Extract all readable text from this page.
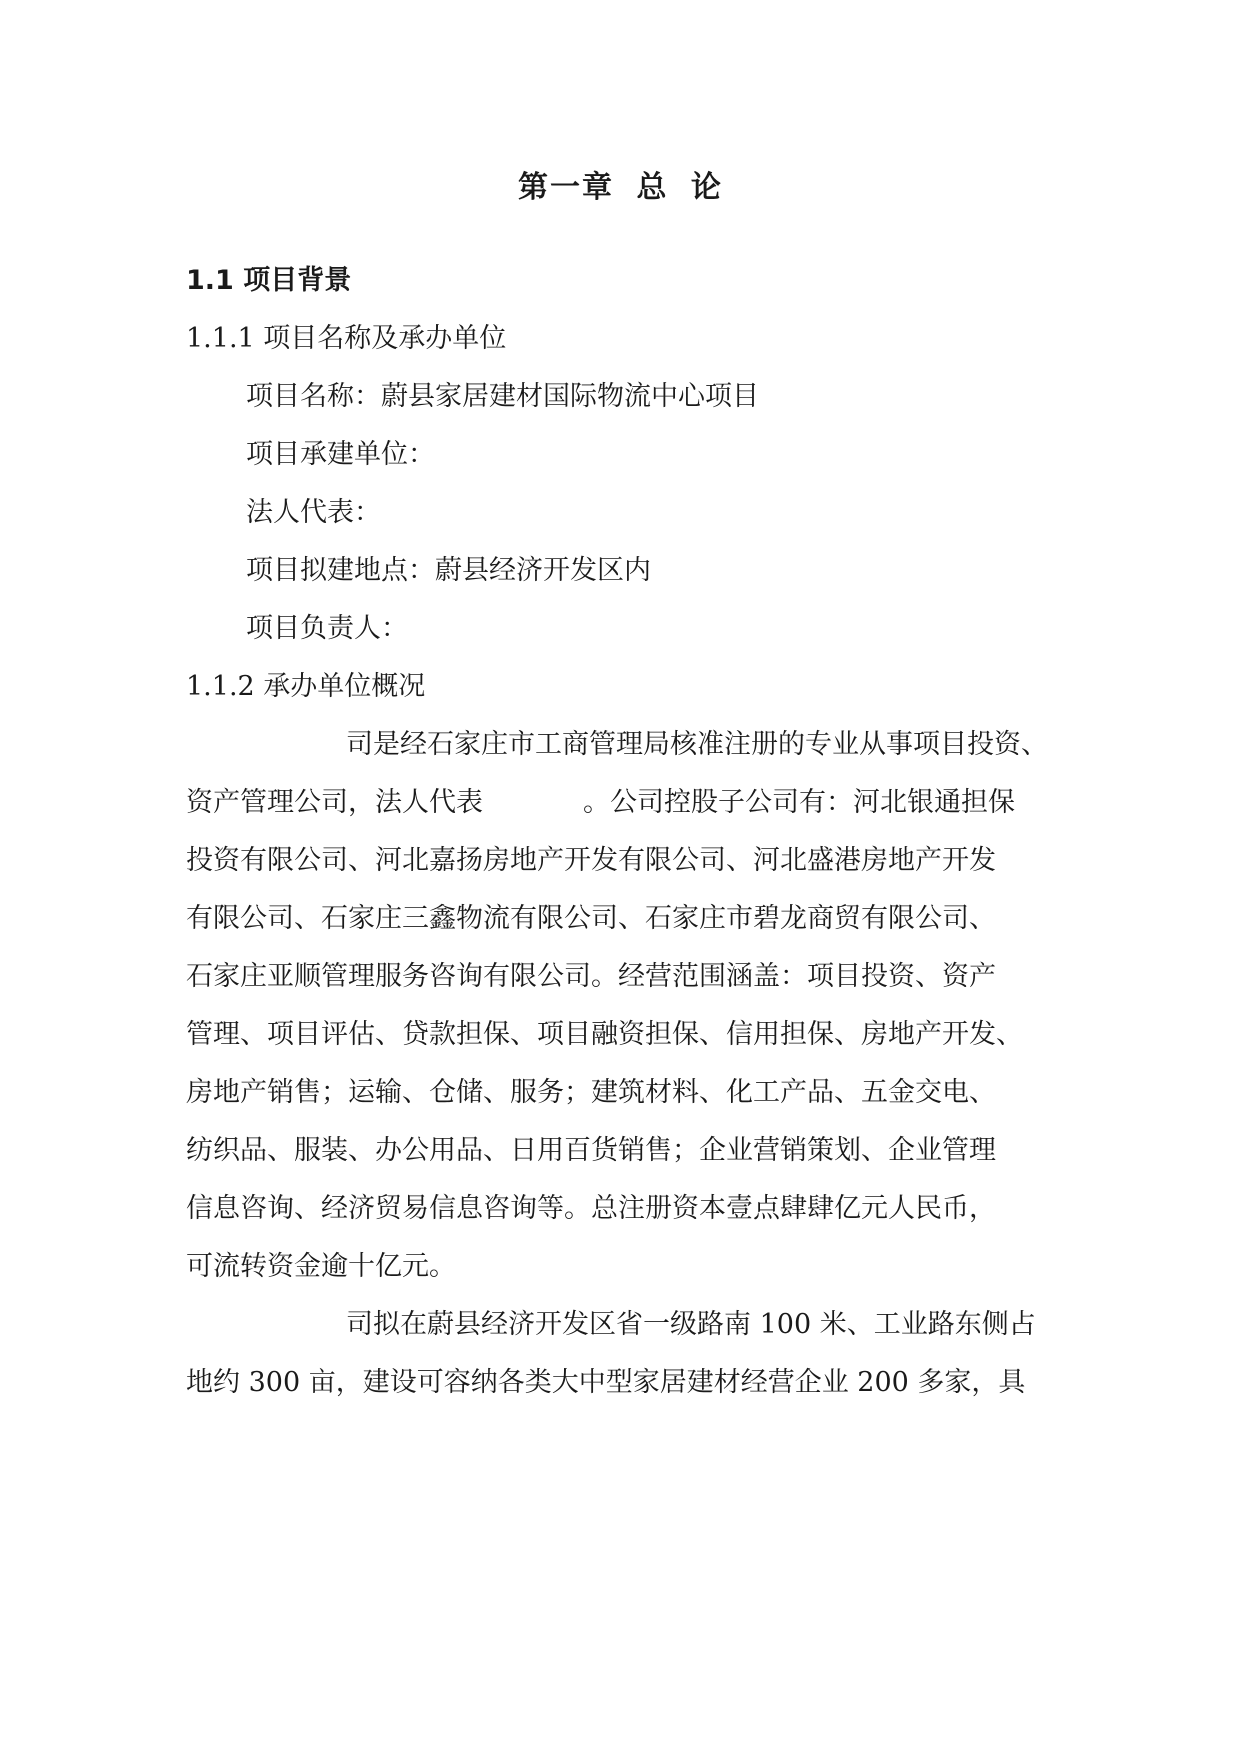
第一章 总 论
1.1 项目背景
1.1.1 项目名称及承办单位
项目名称：蔚县家居建材国际物流中心项目
项目承建单位：
法人代表：
项目拟建地点：蔚县经济开发区内
项目负责人：
1.1.2 承办单位概况
司是经石家庄市工商管理局核准注册的专业从事项目投资、
资产管理公司，法人代表	。公司控股子公司有：河北银通担保
投资有限公司、河北嘉扬房地产开发有限公司、河北盛港房地产开发
有限公司、石家庄三鑫物流有限公司、石家庄市碧龙商贸有限公司、
石家庄亚顺管理服务咨询有限公司。经营范围涵盖：项目投资、资产
管理、项目评估、贷款担保、项目融资担保、信用担保、房地产开发、
房地产销售；运输、仓储、服务；建筑材料、化工产品、五金交电、
纺织品、服装、办公用品、日用百货销售；企业营销策划、企业管理
信息咨询、经济贸易信息咨询等。总注册资本壹点肆肆亿元人民币，
可流转资金逾十亿元。
司拟在蔚县经济开发区省一级路南 100 米、工业路东侧占
地约 300 亩，建设可容纳各类大中型家居建材经营企业 200 多家，具
